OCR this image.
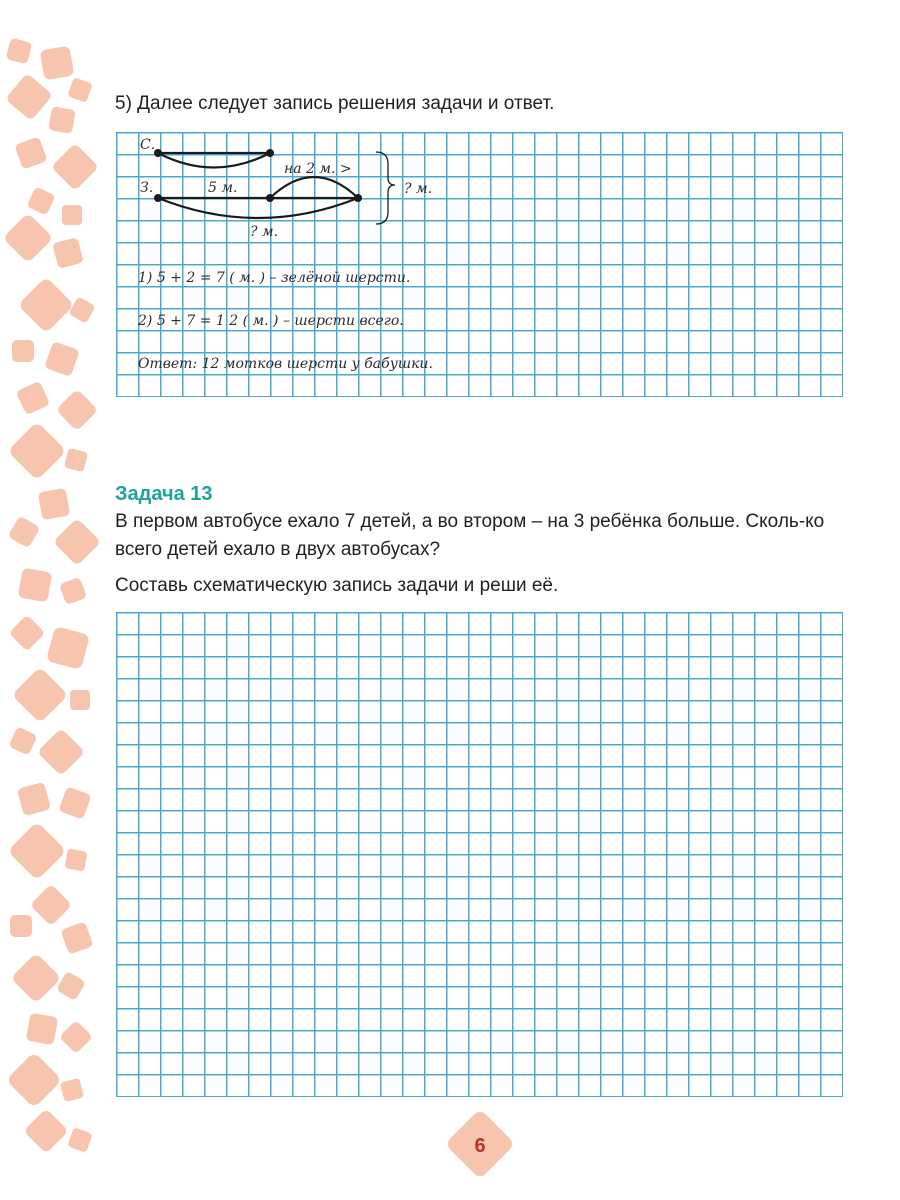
5) Далее следует запись решения задачи и ответ.

С.
З.
на 2 м. >
5 м.
? м.
? м.
1) 5 + 2 = 7 ( м. ) – зелёной шерсти.
2) 5 + 7 = 1 2 ( м. ) – шерсти всего.
Ответ: 12 мотков шерсти у бабушки.

Задача 13

В первом автобусе ехало 7 детей, а во втором – на 3 ребёнка больше. Сколь-ко всего детей ехало в двух автобусах?

Составь схематическую запись задачи и реши её.

6
